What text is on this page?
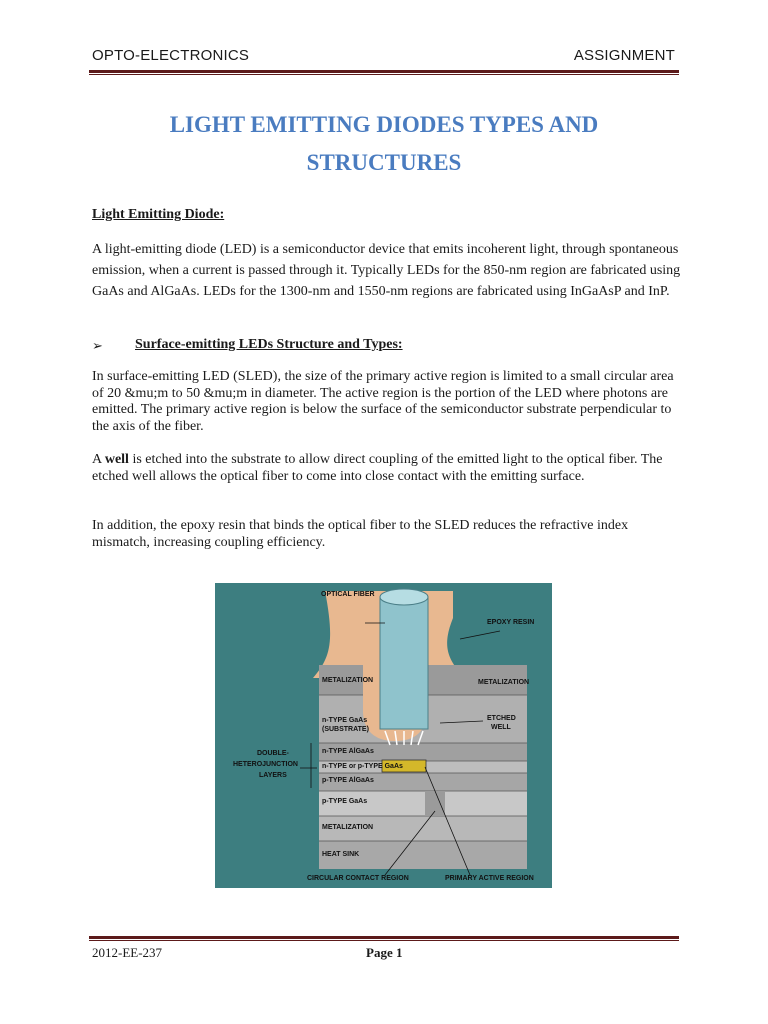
OPTO-ELECTRONICS	ASSIGNMENT
LIGHT EMITTING DIODES TYPES AND
STRUCTURES
Light Emitting Diode:

A light-emitting diode (LED) is a semiconductor device that emits incoherent light, through spontaneous emission, when a current is passed through it. Typically LEDs for the 850-nm region are fabricated using GaAs and AlGaAs. LEDs for the 1300-nm and 1550-nm regions are fabricated using InGaAsP and InP.

➢ Surface-emitting LEDs Structure and Types:

In surface-emitting LED (SLED), the size of the primary active region is limited to a small circular area of 20 &mu;m to 50 &mu;m in diameter. The active region is the portion of the LED where photons are emitted. The primary active region is below the surface of the semiconductor substrate perpendicular to the axis of the fiber.

A well is etched into the substrate to allow direct coupling of the emitted light to the optical fiber. The etched well allows the optical fiber to come into close contact with the emitting surface.

In addition, the epoxy resin that binds the optical fiber to the SLED reduces the refractive index mismatch, increasing coupling efficiency.

OPTICAL FIBER
EPOXY RESIN
METALIZATION	METALIZATION
n-TYPE GaAs
(SUBSTRATE)
ETCHED
WELL
DOUBLE-
HETEROJUNCTION
LAYERS
n-TYPE AlGaAs
n-TYPE or p-TYPE GaAs
p-TYPE AlGaAs
p-TYPE GaAs
METALIZATION
HEAT SINK
CIRCULAR CONTACT REGION	PRIMARY ACTIVE REGION
2012-EE-237	Page 1
